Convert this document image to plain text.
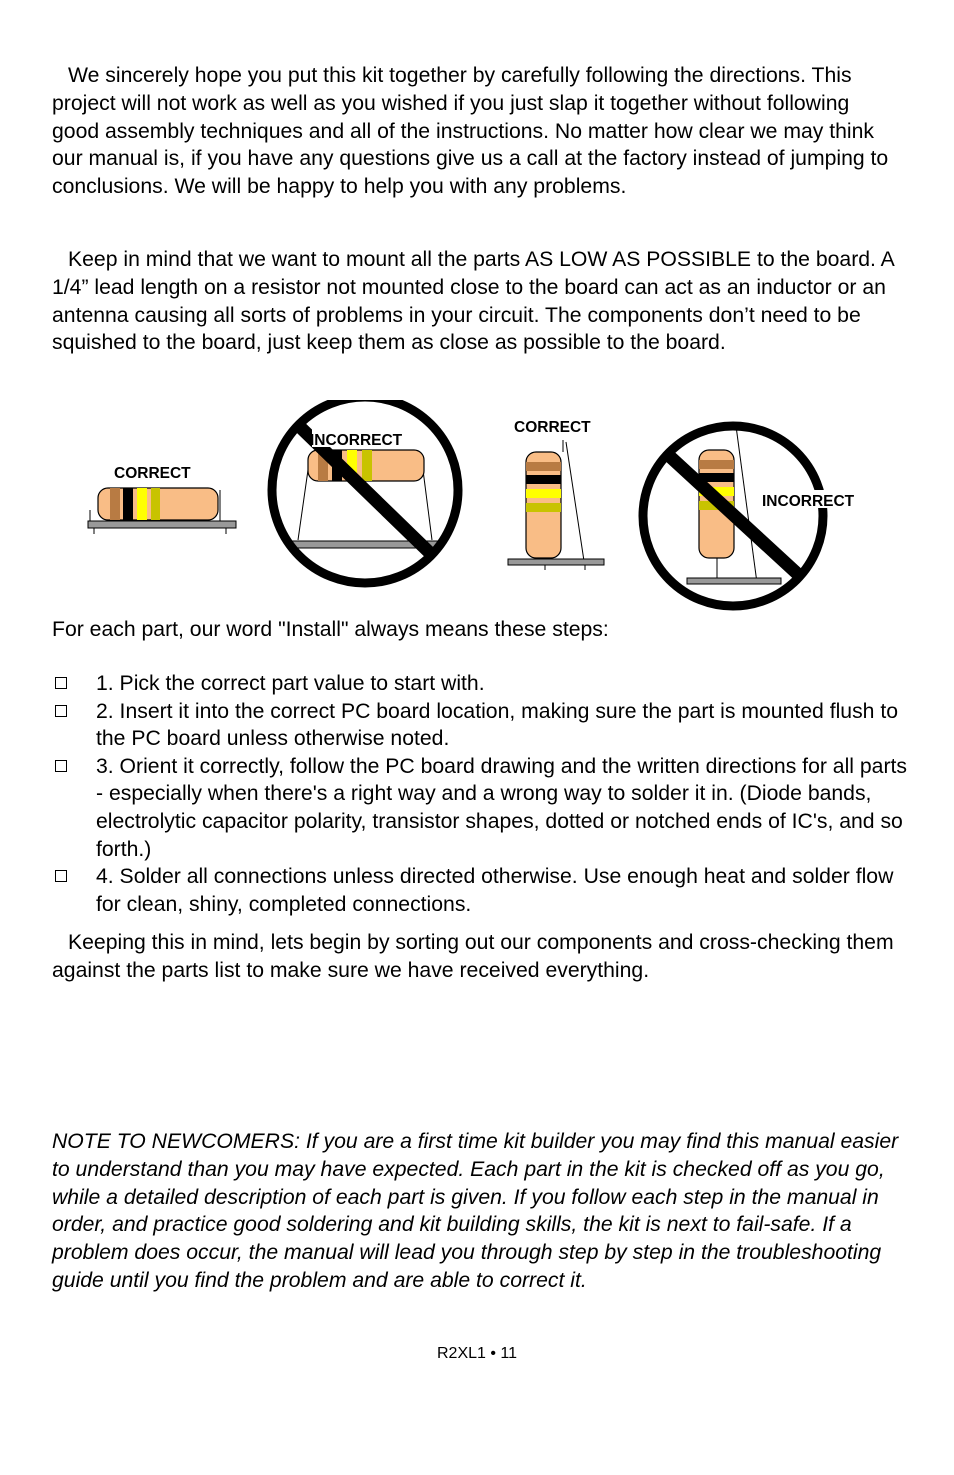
We sincerely hope you put this kit together by carefully following the directions. This project will not work as well as you wished if you just slap it together without following good assembly techniques and all of the instructions. No matter how clear we may think our manual is, if you have any questions give us a call at the factory instead of jumping to conclusions. We will be happy to help you with any problems.

Keep in mind that we want to mount all the parts AS LOW AS POSSIBLE to the board. A 1/4” lead length on a resistor not mounted close to the board can act as an inductor or an antenna causing all sorts of problems in your circuit. The components don’t need to be squished to the board, just keep them as close as possible to the board.

CORRECT
INCORRECT
CORRECT
INCORRECT

For each part, our word "Install" always means these steps:

1. Pick the correct part value to start with.
2. Insert it into the correct PC board location, making sure the part is mounted flush to the PC board unless otherwise noted.
3. Orient it correctly, follow the PC board drawing and the written directions for all parts - especially when there's a right way and a wrong way to solder it in. (Diode bands, electrolytic capacitor polarity, transistor shapes, dotted or notched ends of IC's, and so forth.)
4. Solder all connections unless directed otherwise. Use enough heat and solder flow for clean, shiny, completed connections.

Keeping this in mind, lets begin by sorting out our components and cross-checking them against the parts list to make sure we have received everything.

NOTE TO NEWCOMERS: If you are a first time kit builder you may find this manual easier to understand than you may have expected. Each part in the kit is checked off as you go, while a detailed description of each part is given. If you follow each step in the manual in order, and practice good soldering and kit building skills, the kit is next to fail-safe. If a problem does occur, the manual will lead you through step by step in the troubleshooting guide until you find the problem and are able to correct it.

R2XL1 • 11
